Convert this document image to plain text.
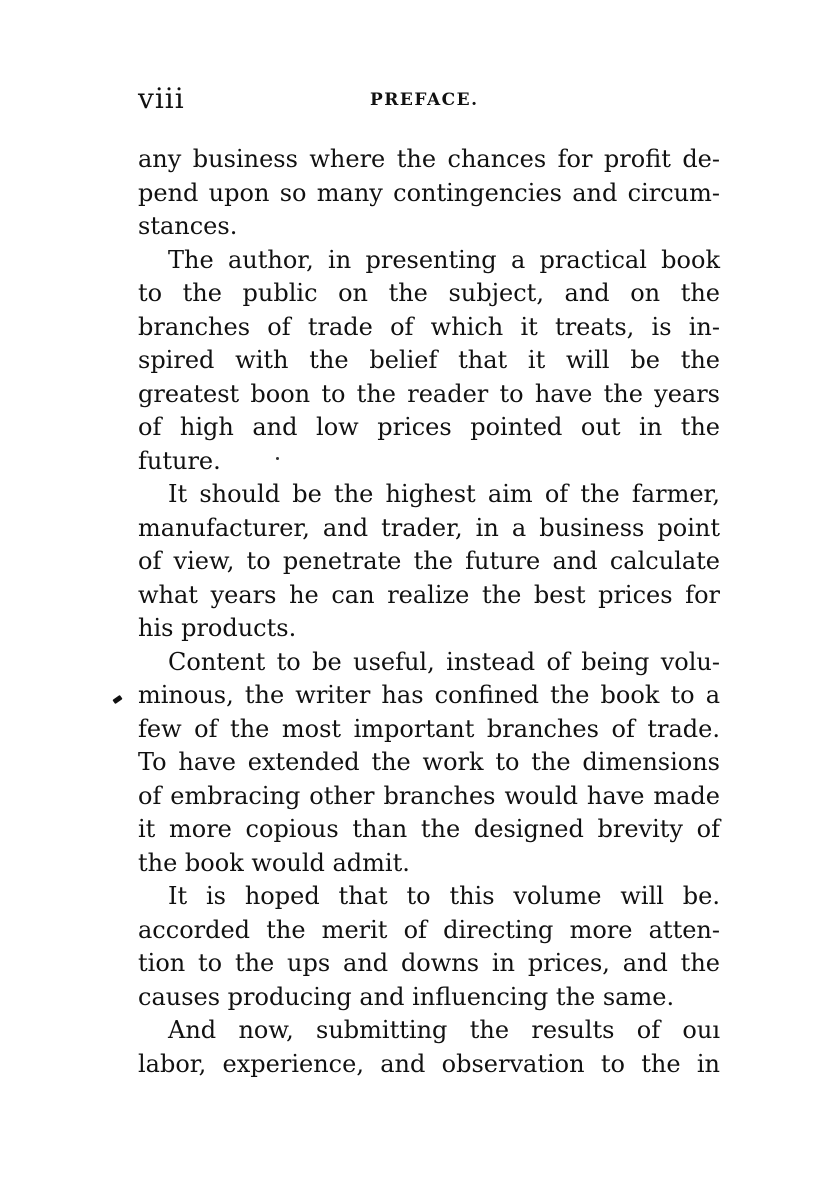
viii	PREFACE.
any business where the chances for profit de-
pend upon so many contingencies and circum-
stances.
The author, in presenting a practical book
to the public on the subject, and on the
branches of trade of which it treats, is in-
spired with the belief that it will be the
greatest boon to the reader to have the years
of high and low prices pointed out in the
future.
It should be the highest aim of the farmer,
manufacturer, and trader, in a business point
of view, to penetrate the future and calculate
what years he can realize the best prices for
his products.
Content to be useful, instead of being volu-
minous, the writer has confined the book to a
few of the most important branches of trade.
To have extended the work to the dimensions
of embracing other branches would have made
it more copious than the designed brevity of
the book would admit.
It is hoped that to this volume will be.
accorded the merit of directing more atten-
tion to the ups and downs in prices, and the
causes producing and influencing the same.
And now, submitting the results of ouı
labor, experience, and observation to the in
